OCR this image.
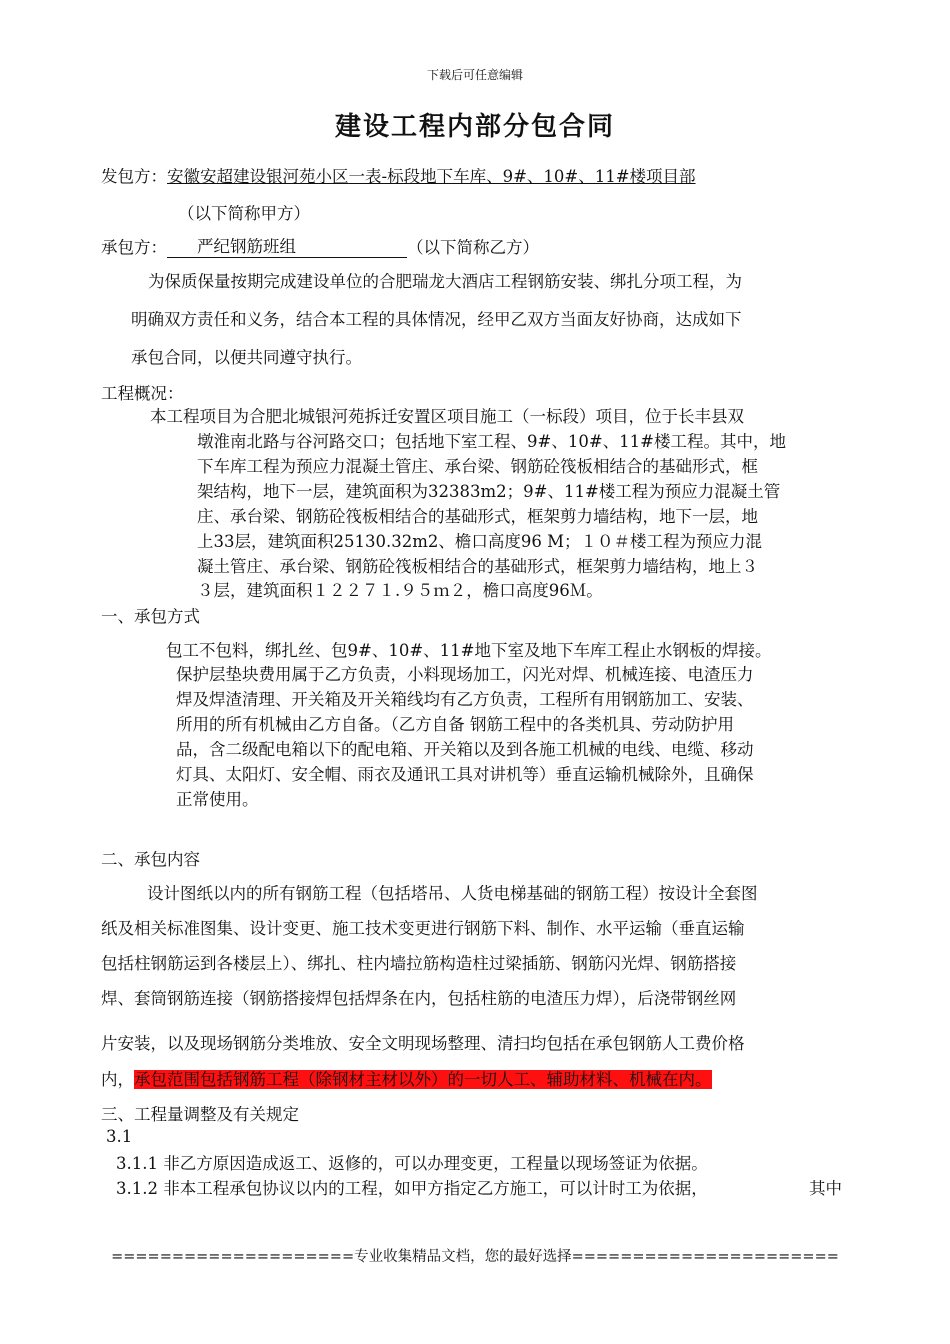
下载后可任意编辑
建设工程内部分包合同
发包方：安徽安超建设银河苑小区一表-标段地下车库、9#、10#、11#楼项目部
（以下简称甲方）
承包方： 严纪钢筋班组	（以下简称乙方）
为保质保量按期完成建设单位的合肥瑞龙大酒店工程钢筋安装、绑扎分项工程，为
明确双方责任和义务，结合本工程的具体情况，经甲乙双方当面友好协商，达成如下
承包合同，以便共同遵守执行。
工程概况：
本工程项目为合肥北城银河苑拆迁安置区项目施工（一标段）项目，位于长丰县双
墩淮南北路与谷河路交口；包括地下室工程、9#、10#、11#楼工程。其中，地
下车库工程为预应力混凝土管庄、承台梁、钢筋砼筏板相结合的基础形式，框
架结构，地下一层，建筑面积为32383m2；9#、11#楼工程为预应力混凝土管
庄、承台梁、钢筋砼筏板相结合的基础形式，框架剪力墙结构，地下一层，地
上33层，建筑面积25130.32m2、檐口高度96 M；１０＃楼工程为预应力混
凝土管庄、承台梁、钢筋砼筏板相结合的基础形式，框架剪力墙结构，地上３
３层，建筑面积１２２７１.９５ｍ２，檐口高度96Ｍ。
一、承包方式
包工不包料，绑扎丝、包9#、10#、11#地下室及地下车库工程止水钢板的焊接。
保护层垫块费用属于乙方负责，小料现场加工，闪光对焊、机械连接、电渣压力
焊及焊渣清理、开关箱及开关箱线均有乙方负责，工程所有用钢筋加工、安装、
所用的所有机械由乙方自备。（乙方自备 钢筋工程中的各类机具、劳动防护用
品，含二级配电箱以下的配电箱、开关箱以及到各施工机械的电线、电缆、移动
灯具、太阳灯、安全帽、雨衣及通讯工具对讲机等）垂直运输机械除外，且确保
正常使用。
二、承包内容
设计图纸以内的所有钢筋工程（包括塔吊、人货电梯基础的钢筋工程）按设计全套图
纸及相关标准图集、设计变更、施工技术变更进行钢筋下料、制作、水平运输（垂直运输
包括柱钢筋运到各楼层上）、绑扎、柱内墙拉筋构造柱过梁插筋、钢筋闪光焊、钢筋搭接
焊、套筒钢筋连接（钢筋搭接焊包括焊条在内，包括柱筋的电渣压力焊），后浇带钢丝网
片安装，以及现场钢筋分类堆放、安全文明现场整理、清扫均包括在承包钢筋人工费价格
内，承包范围包括钢筋工程（除钢材主材以外）的一切人工、辅助材料、机械在内。
三、工程量调整及有关规定
3.1
3.1.1 非乙方原因造成返工、返修的，可以办理变更，工程量以现场签证为依据。
3.1.2 非本工程承包协议以内的工程，如甲方指定乙方施工，可以计时工为依据，	其中
====================专业收集精品文档，您的最好选择======================
